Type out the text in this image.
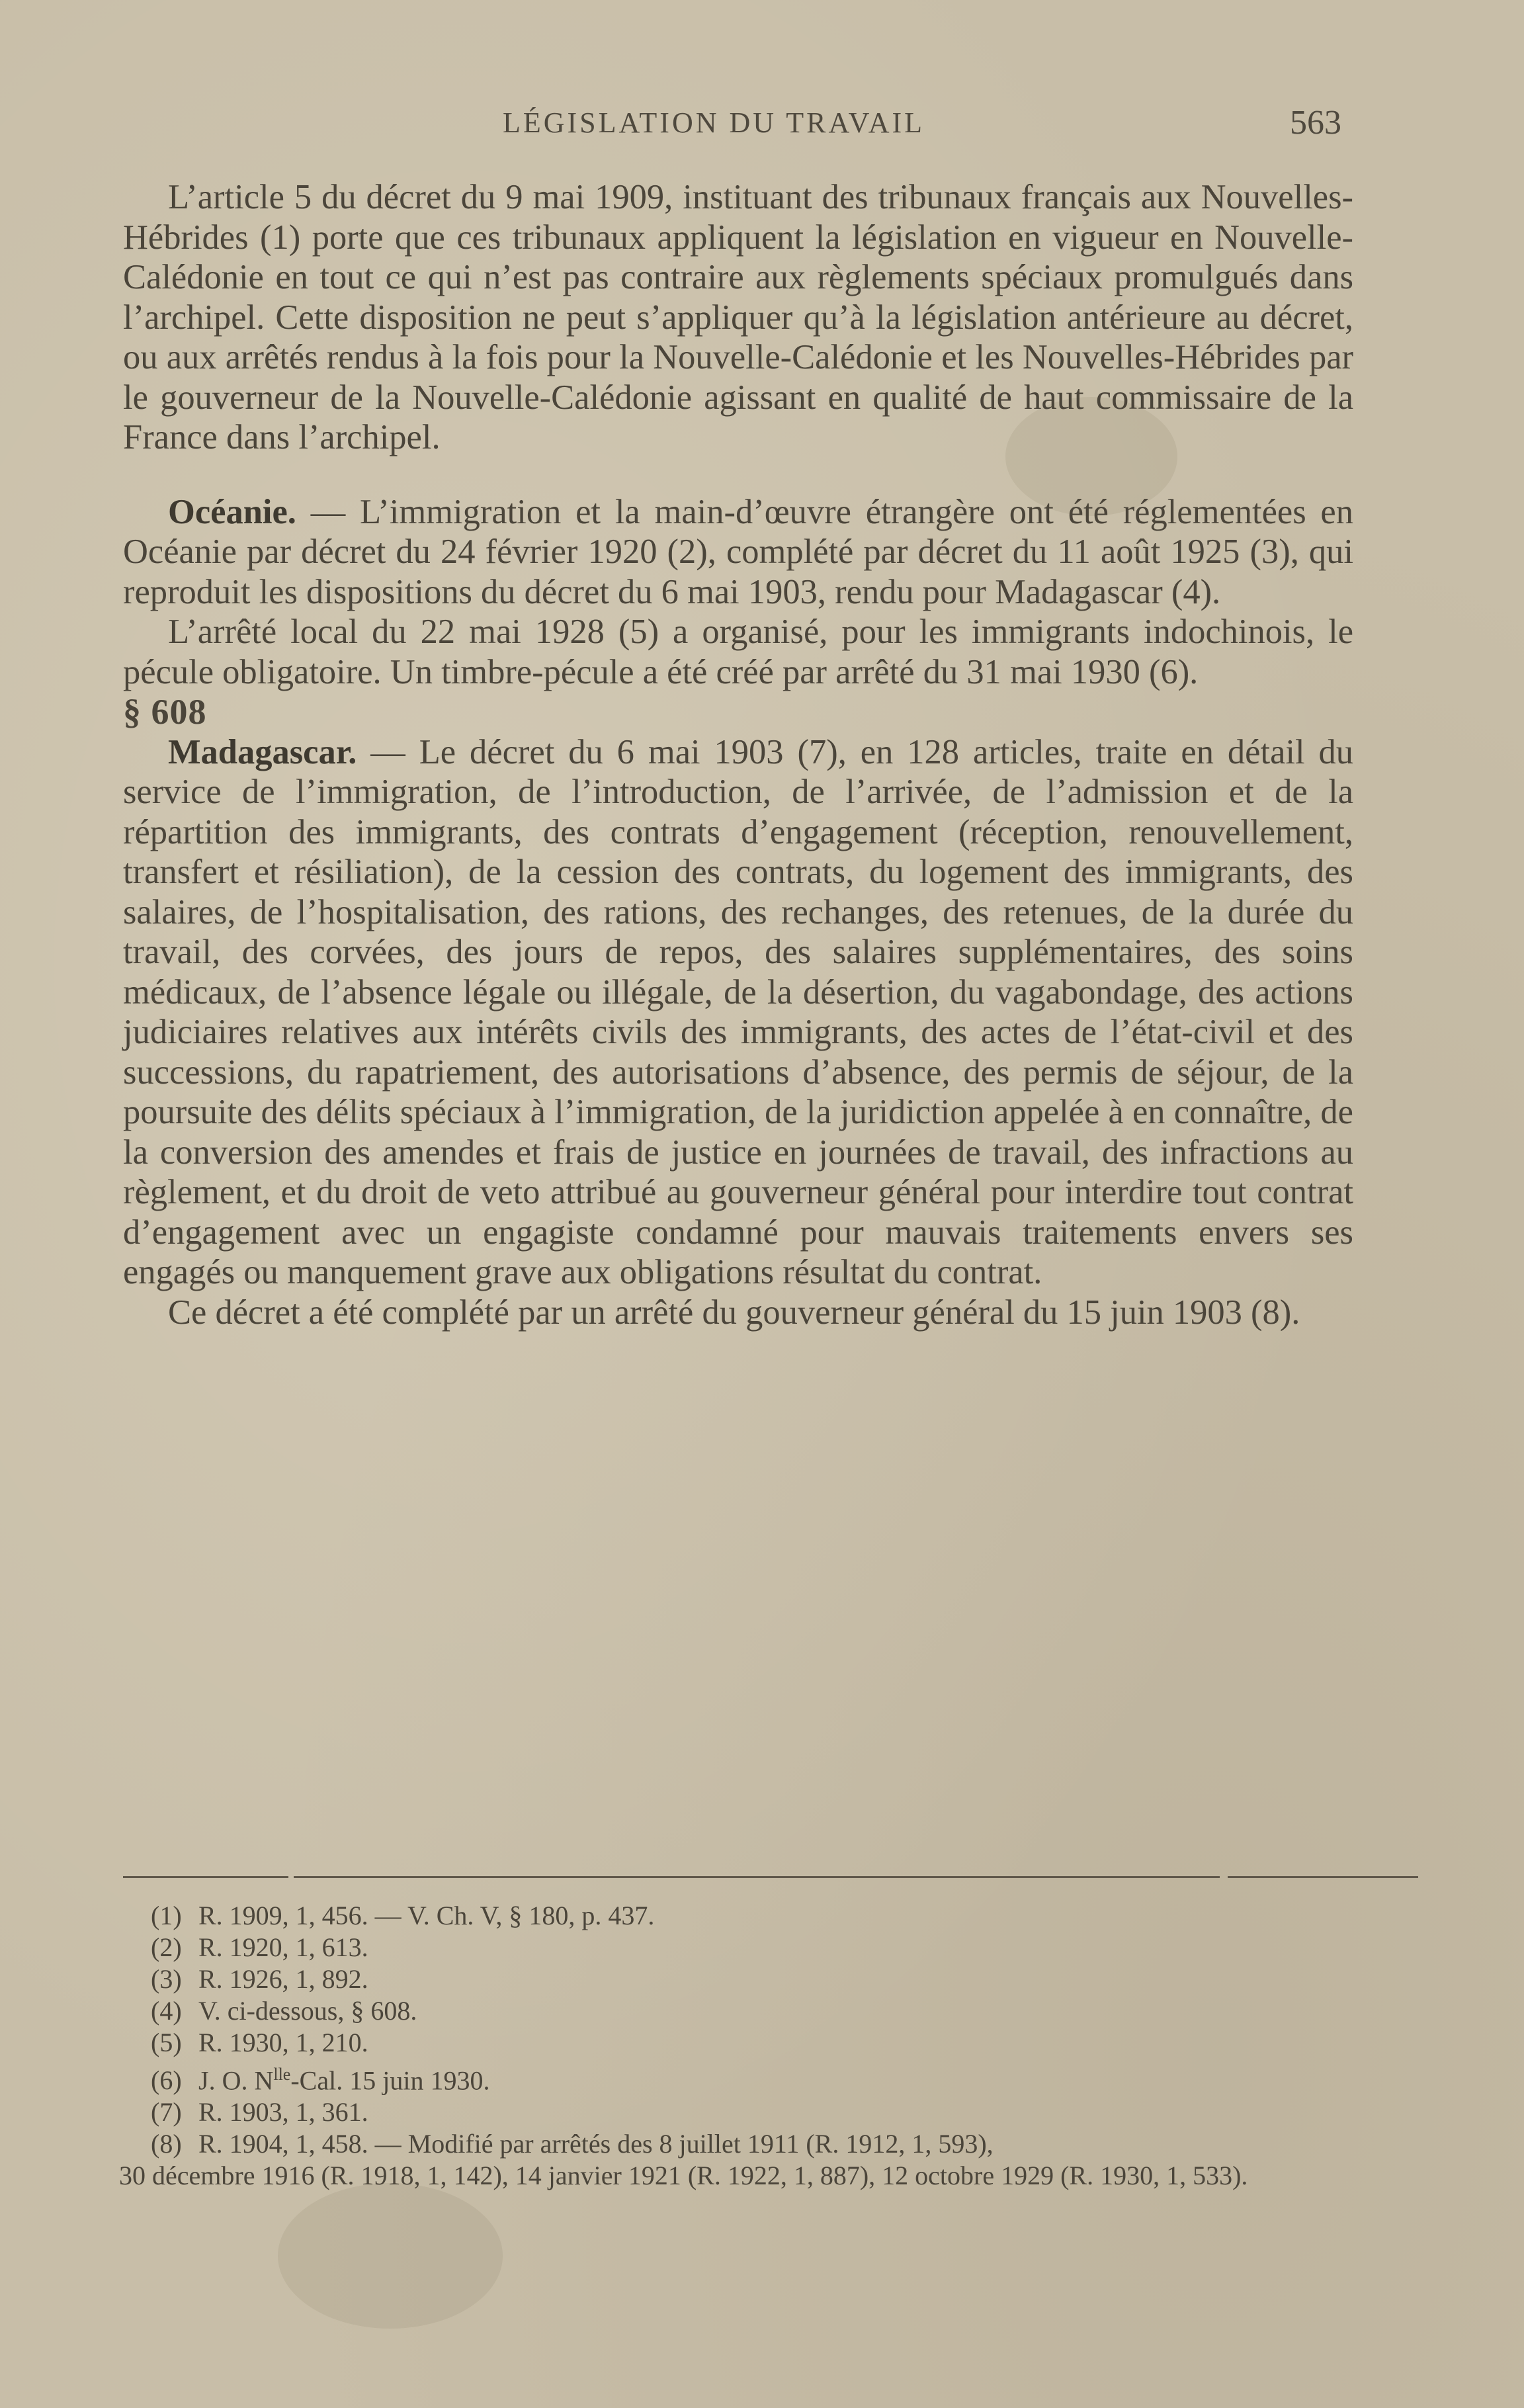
LÉGISLATION DU TRAVAIL	563

L’article 5 du décret du 9 mai 1909, instituant des tribunaux français aux Nouvelles-Hébrides (1) porte que ces tribunaux appliquent la législation en vigueur en Nouvelle-Calédonie en tout ce qui n’est pas contraire aux règlements spéciaux promulgués dans l’archipel. Cette disposition ne peut s’appliquer qu’à la législation antérieure au décret, ou aux arrêtés rendus à la fois pour la Nouvelle-Calédonie et les Nouvelles-Hébrides par le gouverneur de la Nouvelle-Calédonie agissant en qualité de haut commissaire de la France dans l’archipel.

Océanie. — L’immigration et la main-d’œuvre étrangère ont été réglementées en Océanie par décret du 24 février 1920 (2), complété par décret du 11 août 1925 (3), qui reproduit les dispositions du décret du 6 mai 1903, rendu pour Madagascar (4).

L’arrêté local du 22 mai 1928 (5) a organisé, pour les immigrants indochinois, le pécule obligatoire. Un timbre-pécule a été créé par arrêté du 31 mai 1930 (6).

§ 608

Madagascar. — Le décret du 6 mai 1903 (7), en 128 articles, traite en détail du service de l’immigration, de l’introduction, de l’arrivée, de l’admission et de la répartition des immigrants, des contrats d’engagement (réception, renouvellement, transfert et résiliation), de la cession des contrats, du logement des immigrants, des salaires, de l’hospitalisation, des rations, des rechanges, des retenues, de la durée du travail, des corvées, des jours de repos, des salaires supplémentaires, des soins médicaux, de l’absence légale ou illégale, de la désertion, du vagabondage, des actions judiciaires relatives aux intérêts civils des immigrants, des actes de l’état-civil et des successions, du rapatriement, des autorisations d’absence, des permis de séjour, de la poursuite des délits spéciaux à l’immigration, de la juridiction appelée à en connaître, de la conversion des amendes et frais de justice en journées de travail, des infractions au règlement, et du droit de veto attribué au gouverneur général pour interdire tout contrat d’engagement avec un engagiste condamné pour mauvais traitements envers ses engagés ou manquement grave aux obligations résultat du contrat.

Ce décret a été complété par un arrêté du gouverneur général du 15 juin 1903 (8).

(1) R. 1909, 1, 456. — V. Ch. V, § 180, p. 437.

(2) R. 1920, 1, 613.

(3) R. 1926, 1, 892.

(4) V. ci-dessous, § 608.

(5) R. 1930, 1, 210.

(6) J. O. $N^{lle}$-Cal. 15 juin 1930.

(7) R. 1903, 1, 361.

(8) R. 1904, 1, 458. — Modifié par arrêtés des 8 juillet 1911 (R. 1912, 1, 593),

30 décembre 1916 (R. 1918, 1, 142), 14 janvier 1921 (R. 1922, 1, 887), 12 octobre 1929 (R. 1930, 1, 533).
